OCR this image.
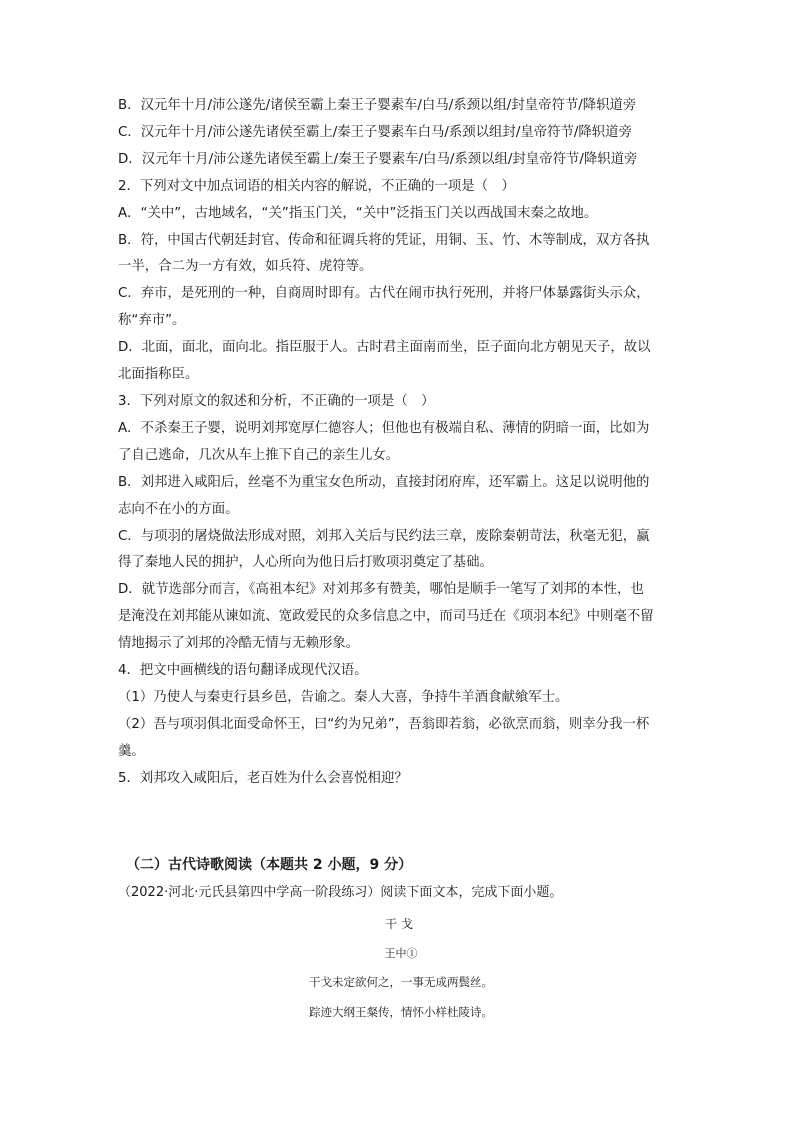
B．汉元年十月/沛公遂先/诸侯至霸上秦王子婴素车/白马/系颈以组/封皇帝符节/降轵道旁
C．汉元年十月/沛公遂先诸侯至霸上/秦王子婴素车白马/系颈以组封/皇帝符节/降轵道旁
D．汉元年十月/沛公遂先诸侯至霸上/秦王子婴素车/白马/系颈以组/封皇帝符节/降轵道旁
2．下列对文中加点词语的相关内容的解说，不正确的一项是（　）
A．“关中”，古地域名，“关”指玉门关，“关中”泛指玉门关以西战国末秦之故地。
B．符，中国古代朝廷封官、传命和征调兵将的凭证，用铜、玉、竹、木等制成，双方各执
一半，合二为一方有效，如兵符、虎符等。
C．弃市，是死刑的一种，自商周时即有。古代在闹市执行死刑，并将尸体暴露街头示众，
称“弃市”。
D．北面，面北，面向北。指臣服于人。古时君主面南而坐，臣子面向北方朝见天子，故以
北面指称臣。
3．下列对原文的叙述和分析，不正确的一项是（　）
A．不杀秦王子婴，说明刘邦宽厚仁德容人；但他也有极端自私、薄情的阴暗一面，比如为
了自己逃命，几次从车上推下自己的亲生儿女。
B．刘邦进入咸阳后，丝毫不为重宝女色所动，直接封闭府库，还军霸上。这足以说明他的
志向不在小的方面。
C．与项羽的屠烧做法形成对照，刘邦入关后与民约法三章，废除秦朝苛法，秋毫无犯，赢
得了秦地人民的拥护，人心所向为他日后打败项羽奠定了基础。
D．就节选部分而言，《高祖本纪》对刘邦多有赞美，哪怕是顺手一笔写了刘邦的本性，也
是淹没在刘邦能从谏如流、宽政爱民的众多信息之中，而司马迁在《项羽本纪》中则毫不留
情地揭示了刘邦的冷酷无情与无赖形象。
4．把文中画横线的语句翻译成现代汉语。
（1）乃使人与秦吏行县乡邑，告谕之。秦人大喜，争持牛羊酒食献飨军士。
（2）吾与项羽俱北面受命怀王，曰“约为兄弟”，吾翁即若翁，必欲烹而翁，则幸分我一杯
羹。
5．刘邦攻入咸阳后，老百姓为什么会喜悦相迎？
（二）古代诗歌阅读（本题共 2 小题，9 分）
（2022·河北·元氏县第四中学高一阶段练习）阅读下面文本，完成下面小题。
干戈
王中①
干戈未定欲何之，一事无成两鬓丝。
踪迹大纲王粲传，情怀小样杜陵诗。
